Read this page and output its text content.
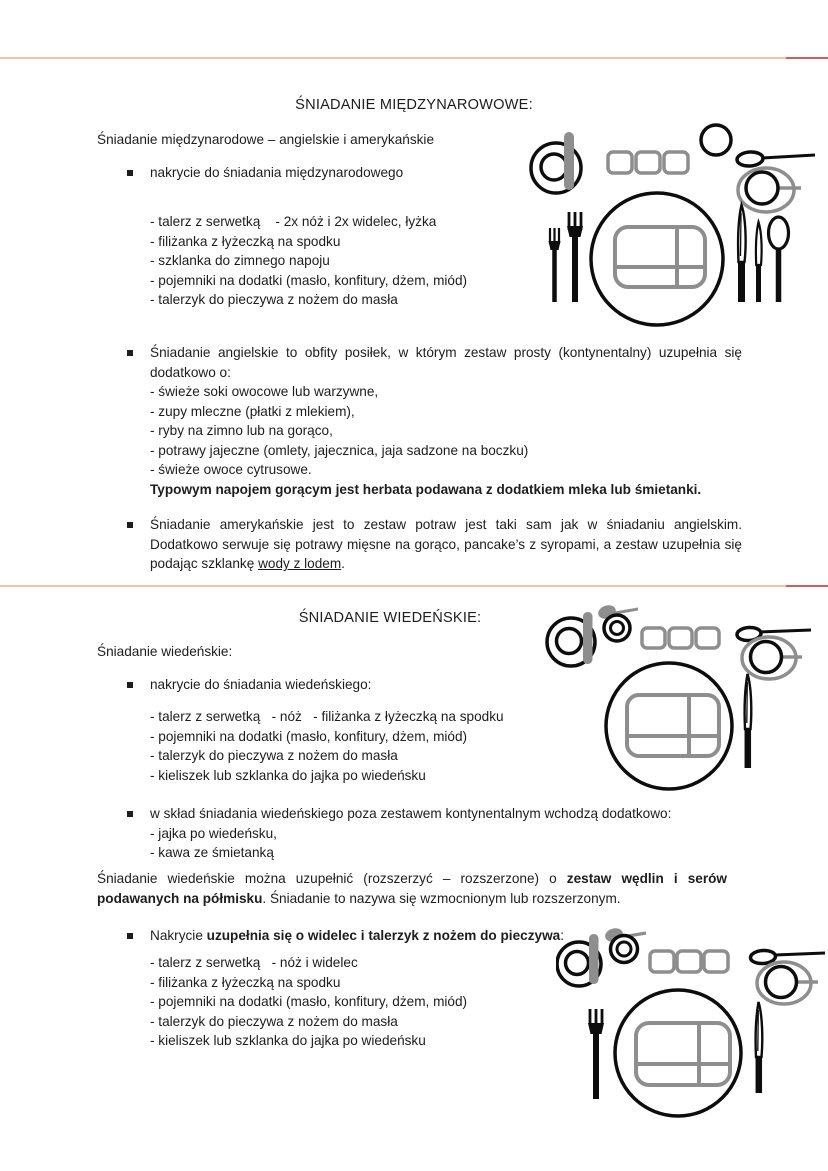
ŚNIADANIE MIĘDZYNAROWOWE:
Śniadanie międzynarodowe – angielskie i amerykańskie
nakrycie do śniadania międzynarodowego
- talerz z serwetką    - 2x nóż i 2x widelec, łyżka
- filiżanka z łyżeczką na spodku
- szklanka do zimnego napoju
- pojemniki na dodatki (masło, konfitury, dżem, miód)
- talerzyk do pieczywa z nożem do masła
Śniadanie angielskie to obfity posiłek, w którym zestaw prosty (kontynentalny) uzupełnia się dodatkowo o:
- świeże soki owocowe lub warzywne,
- zupy mleczne (płatki z mlekiem),
- ryby na zimno lub na gorąco,
- potrawy jajeczne (omlety, jajecznica, jaja sadzone na boczku)
- świeże owoce cytrusowe.
Typowym napojem gorącym jest herbata podawana z dodatkiem mleka lub śmietanki.
Śniadanie amerykańskie jest to zestaw potraw jest taki sam jak w śniadaniu angielskim. Dodatkowo serwuje się potrawy mięsne na gorąco, pancake’s z syropami, a zestaw uzupełnia się podając szklankę wody z lodem.
ŚNIADANIE WIEDEŃSKIE:
Śniadanie wiedeńskie:
nakrycie do śniadania wiedeńskiego:
- talerz z serwetką   - nóż   - filiżanka z łyżeczką na spodku
- pojemniki na dodatki (masło, konfitury, dżem, miód)
- talerzyk do pieczywa z nożem do masła
- kieliszek lub szklanka do jajka po wiedeńsku
w skład śniadania wiedeńskiego poza zestawem kontynentalnym wchodzą dodatkowo:
- jajka po wiedeńsku,
- kawa ze śmietanką
Śniadanie wiedeńskie można uzupełnić (rozszerzyć – rozszerzone) o zestaw wędlin i serów podawanych na półmisku. Śniadanie to nazywa się wzmocnionym lub rozszerzonym.
Nakrycie uzupełnia się o widelec i talerzyk z nożem do pieczywa:
- talerz z serwetką   - nóż i widelec
- filiżanka z łyżeczką na spodku
- pojemniki na dodatki (masło, konfitury, dżem, miód)
- talerzyk do pieczywa z nożem do masła
- kieliszek lub szklanka do jajka po wiedeńsku
